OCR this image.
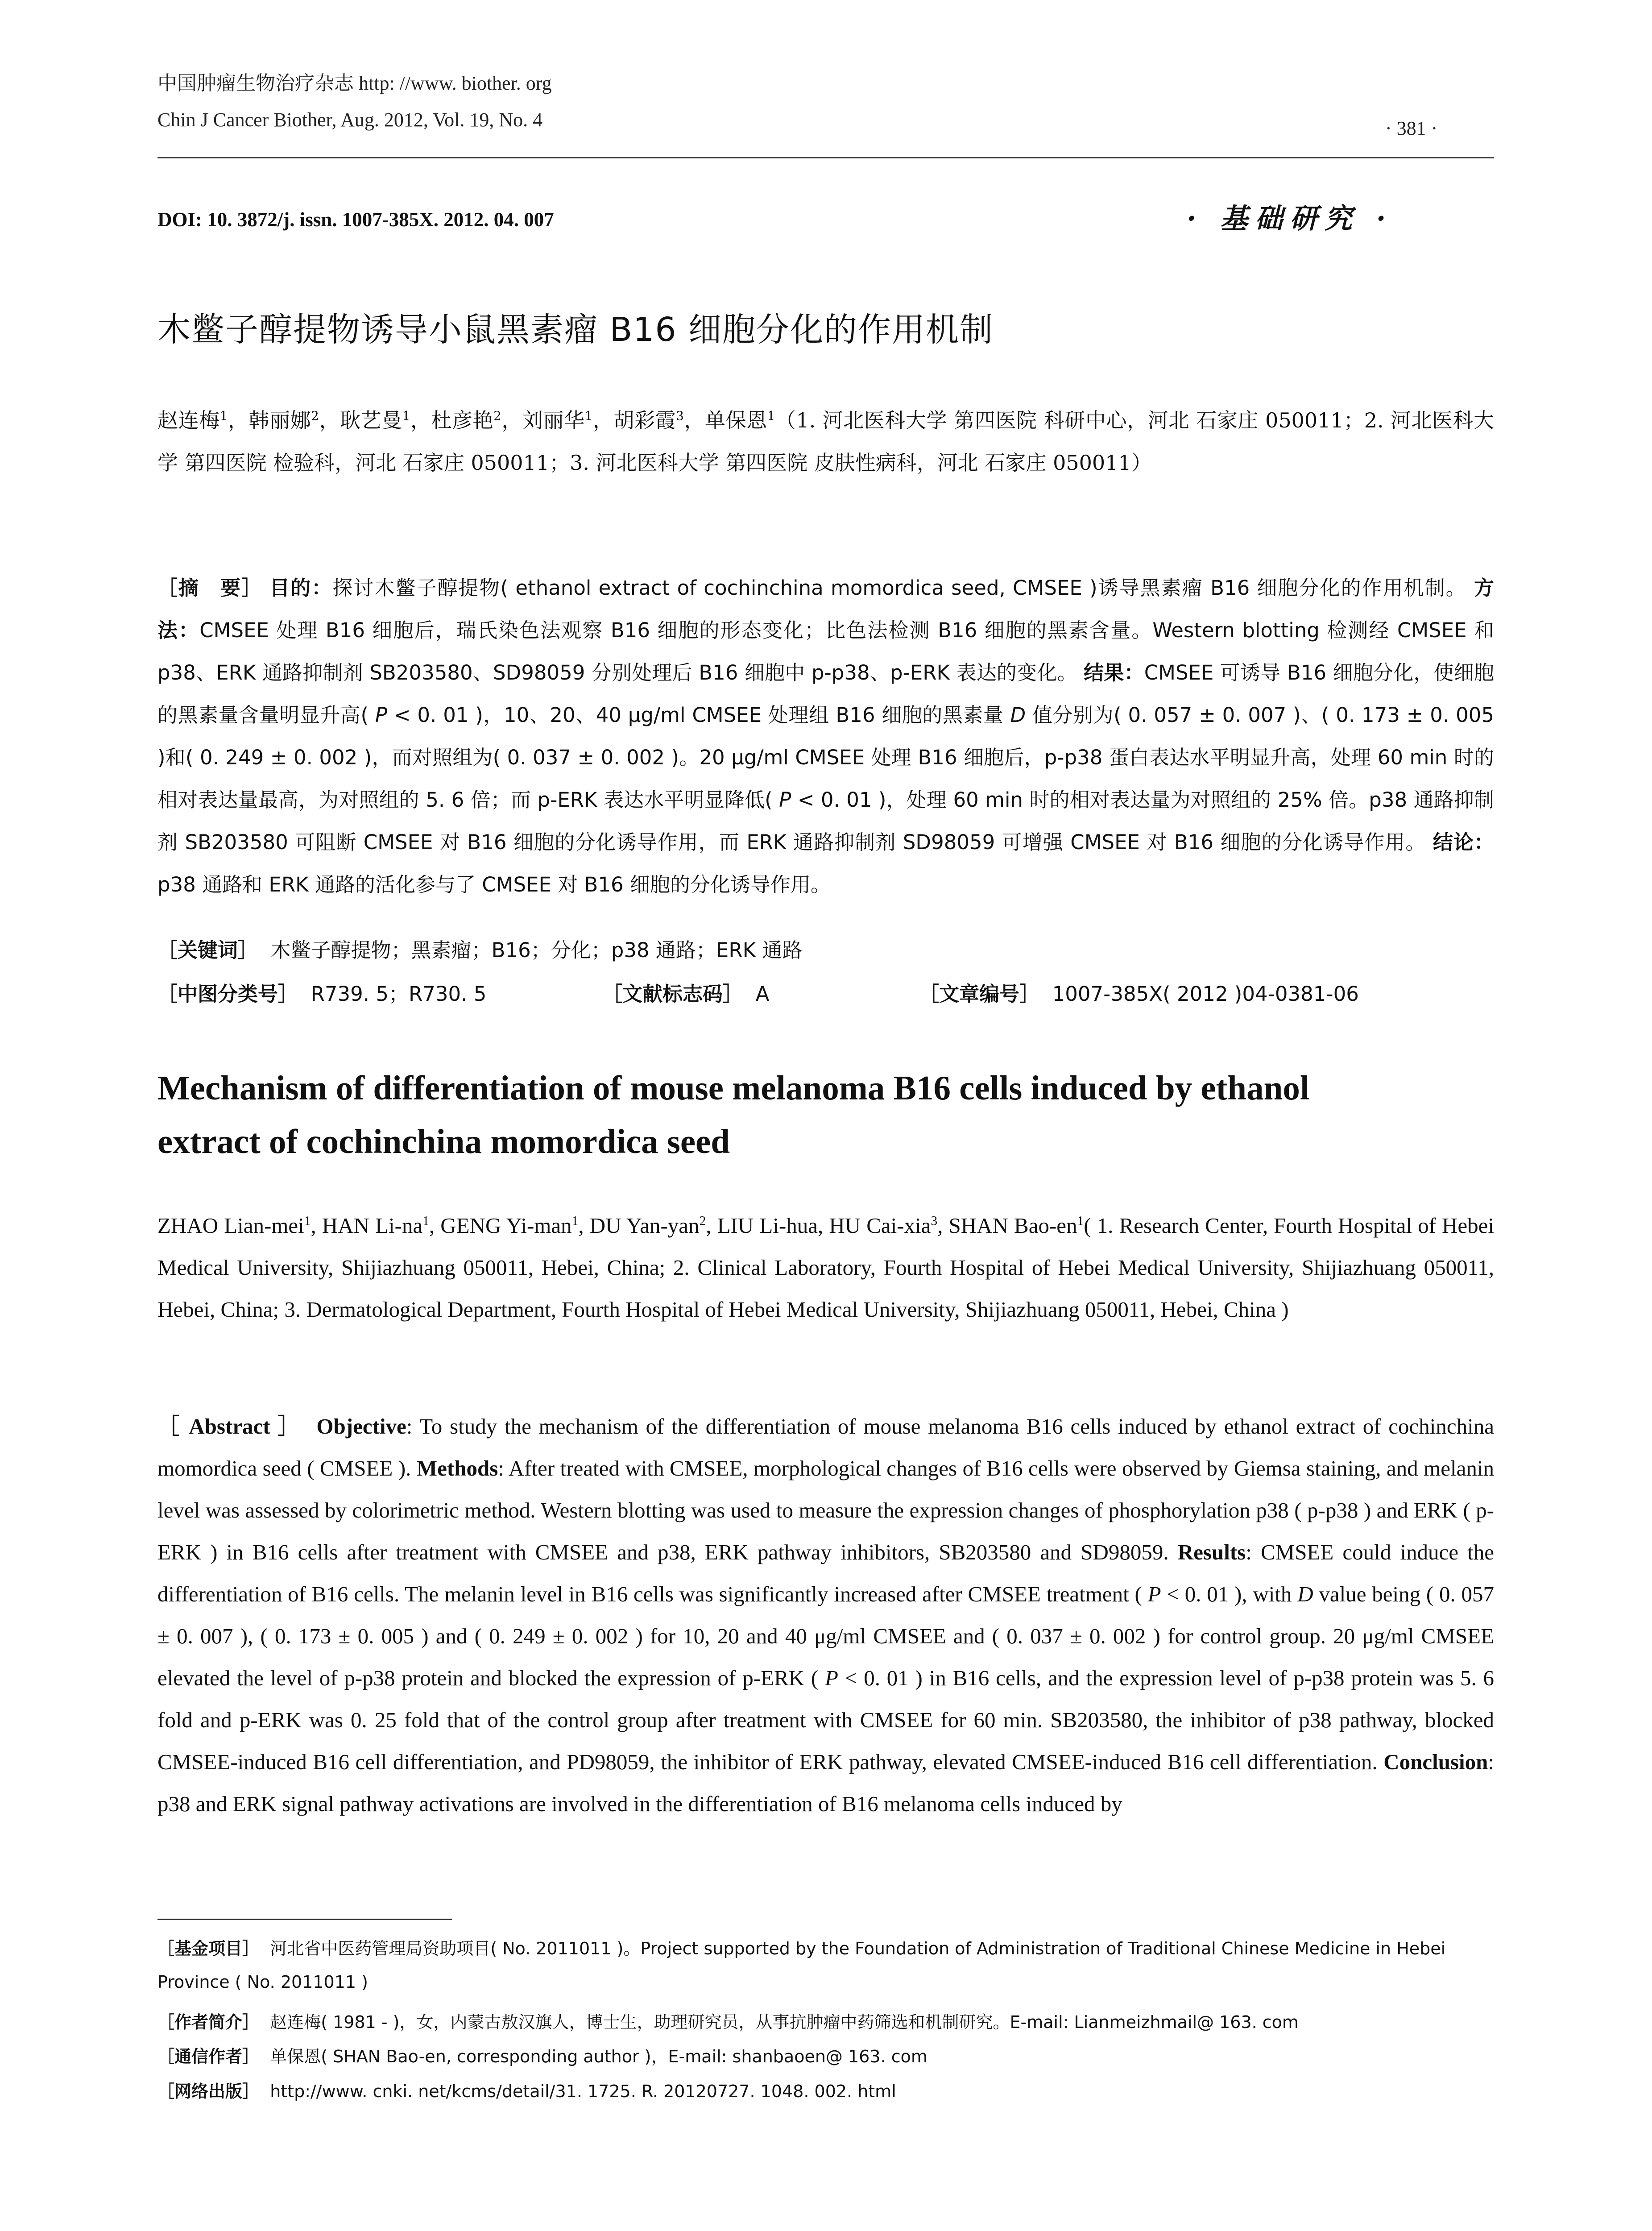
中国肿瘤生物治疗杂志 http: //www. biother. org
Chin J Cancer Biother, Aug. 2012, Vol. 19, No. 4	· 381 ·
DOI: 10. 3872/j. issn. 1007-385X. 2012. 04. 007	· 基础研究 ·
木鳖子醇提物诱导小鼠黑素瘤 B16 细胞分化的作用机制
赵连梅$^1$，韩丽娜$^2$，耿艺曼$^1$，杜彦艳$^2$，刘丽华$^1$，胡彩霞$^3$，单保恩$^1$（1. 河北医科大学 第四医院 科研中心，河北 石家庄 050011；2. 河北医科大学 第四医院 检验科，河北 石家庄 050011；3. 河北医科大学 第四医院 皮肤性病科，河北 石家庄 050011）
［摘　要］ 目的：探讨木鳖子醇提物( ethanol extract of cochinchina momordica seed, CMSEE )诱导黑素瘤 B16 细胞分化的作用机制。 方法：CMSEE 处理 B16 细胞后，瑞氏染色法观察 B16 细胞的形态变化；比色法检测 B16 细胞的黑素含量。Western blotting 检测经 CMSEE 和 p38、ERK 通路抑制剂 SB203580、SD98059 分别处理后 B16 细胞中 p-p38、p-ERK 表达的变化。 结果：CMSEE 可诱导 B16 细胞分化，使细胞的黑素量含量明显升高( P < 0. 01 )，10、20、40 μg/ml CMSEE 处理组 B16 细胞的黑素量 D 值分别为( 0. 057 ± 0. 007 )、( 0. 173 ± 0. 005 )和( 0. 249 ± 0. 002 )，而对照组为( 0. 037 ± 0. 002 )。20 μg/ml CMSEE 处理 B16 细胞后，p-p38 蛋白表达水平明显升高，处理 60 min 时的相对表达量最高，为对照组的 5. 6 倍；而 p-ERK 表达水平明显降低( P < 0. 01 )，处理 60 min 时的相对表达量为对照组的 25% 倍。p38 通路抑制剂 SB203580 可阻断 CMSEE 对 B16 细胞的分化诱导作用，而 ERK 通路抑制剂 SD98059 可增强 CMSEE 对 B16 细胞的分化诱导作用。 结论：p38 通路和 ERK 通路的活化参与了 CMSEE 对 B16 细胞的分化诱导作用。
［关键词］ 木鳖子醇提物；黑素瘤；B16；分化；p38 通路；ERK 通路
［中图分类号］ R739. 5；R730. 5	［文献标志码］ A	［文章编号］ 1007-385X( 2012 )04-0381-06
Mechanism of differentiation of mouse melanoma B16 cells induced by ethanol
extract of cochinchina momordica seed
ZHAO Lian-mei$^1$, HAN $Li-na^1$, GENG Yi-man$^1$, DU Yan-yan$^2$, LIU Li-hua, HU Cai-xia$^3$, SHAN Bao-$en^1$( 1. Research Center, Fourth Hospital of Hebei Medical University, Shijiazhuang 050011, Hebei, China; 2. Clinical Laboratory, Fourth Hospital of Hebei Medical University, Shijiazhuang 050011, Hebei, China; 3. Dermatological Department, Fourth Hospital of Hebei Medical University, Shijiazhuang 050011, Hebei, China )
［ Abstract ］ Objective: To study the mechanism of the differentiation of mouse melanoma B16 cells induced by ethanol extract of cochinchina momordica seed ( CMSEE ). Methods: After treated with CMSEE, morphological changes of B16 cells were observed by Giemsa staining, and melanin level was assessed by colorimetric method. Western blotting was used to measure the expression changes of phosphorylation p38 ( p-p38 ) and ERK ( p-ERK ) in B16 cells after treatment with CMSEE and p38, ERK pathway inhibitors, SB203580 and SD98059. Results: CMSEE could induce the differentiation of B16 cells. The melanin level in B16 cells was significantly increased after CMSEE treatment ( P < 0. 01 ), with D value being ( 0. 057 ± 0. 007 ), ( 0. 173 ± 0. 005 ) and ( 0. 249 ± 0. 002 ) for 10, 20 and 40 μg/ml CMSEE and ( 0. 037 ± 0. 002 ) for control group. 20 μg/ml CMSEE elevated the level of p-p38 protein and blocked the expression of p-ERK ( P < 0. 01 ) in B16 cells, and the expression level of p-p38 protein was 5. 6 fold and p-ERK was 0. 25 fold that of the control group after treatment with CMSEE for 60 min. SB203580, the inhibitor of p38 pathway, blocked CMSEE-induced B16 cell differentiation, and PD98059, the inhibitor of ERK pathway, elevated CMSEE-induced B16 cell differentiation. Conclusion: p38 and ERK signal pathway activations are involved in the differentiation of B16 melanoma cells induced by
［基金项目］ 河北省中医药管理局资助项目( No. 2011011 )。Project supported by the Foundation of Administration of Traditional Chinese Medicine in Hebei Province ( No. 2011011 )
［作者简介］ 赵连梅( 1981 - )，女，内蒙古敖汉旗人，博士生，助理研究员，从事抗肿瘤中药筛选和机制研究。E-mail: Lianmeizhmail@ 163. com
［通信作者］ 单保恩( SHAN Bao-en, corresponding author )，E-mail: shanbaoen@ 163. com
［网络出版］ http://www. cnki. net/kcms/detail/31. 1725. R. 20120727. 1048. 002. html
